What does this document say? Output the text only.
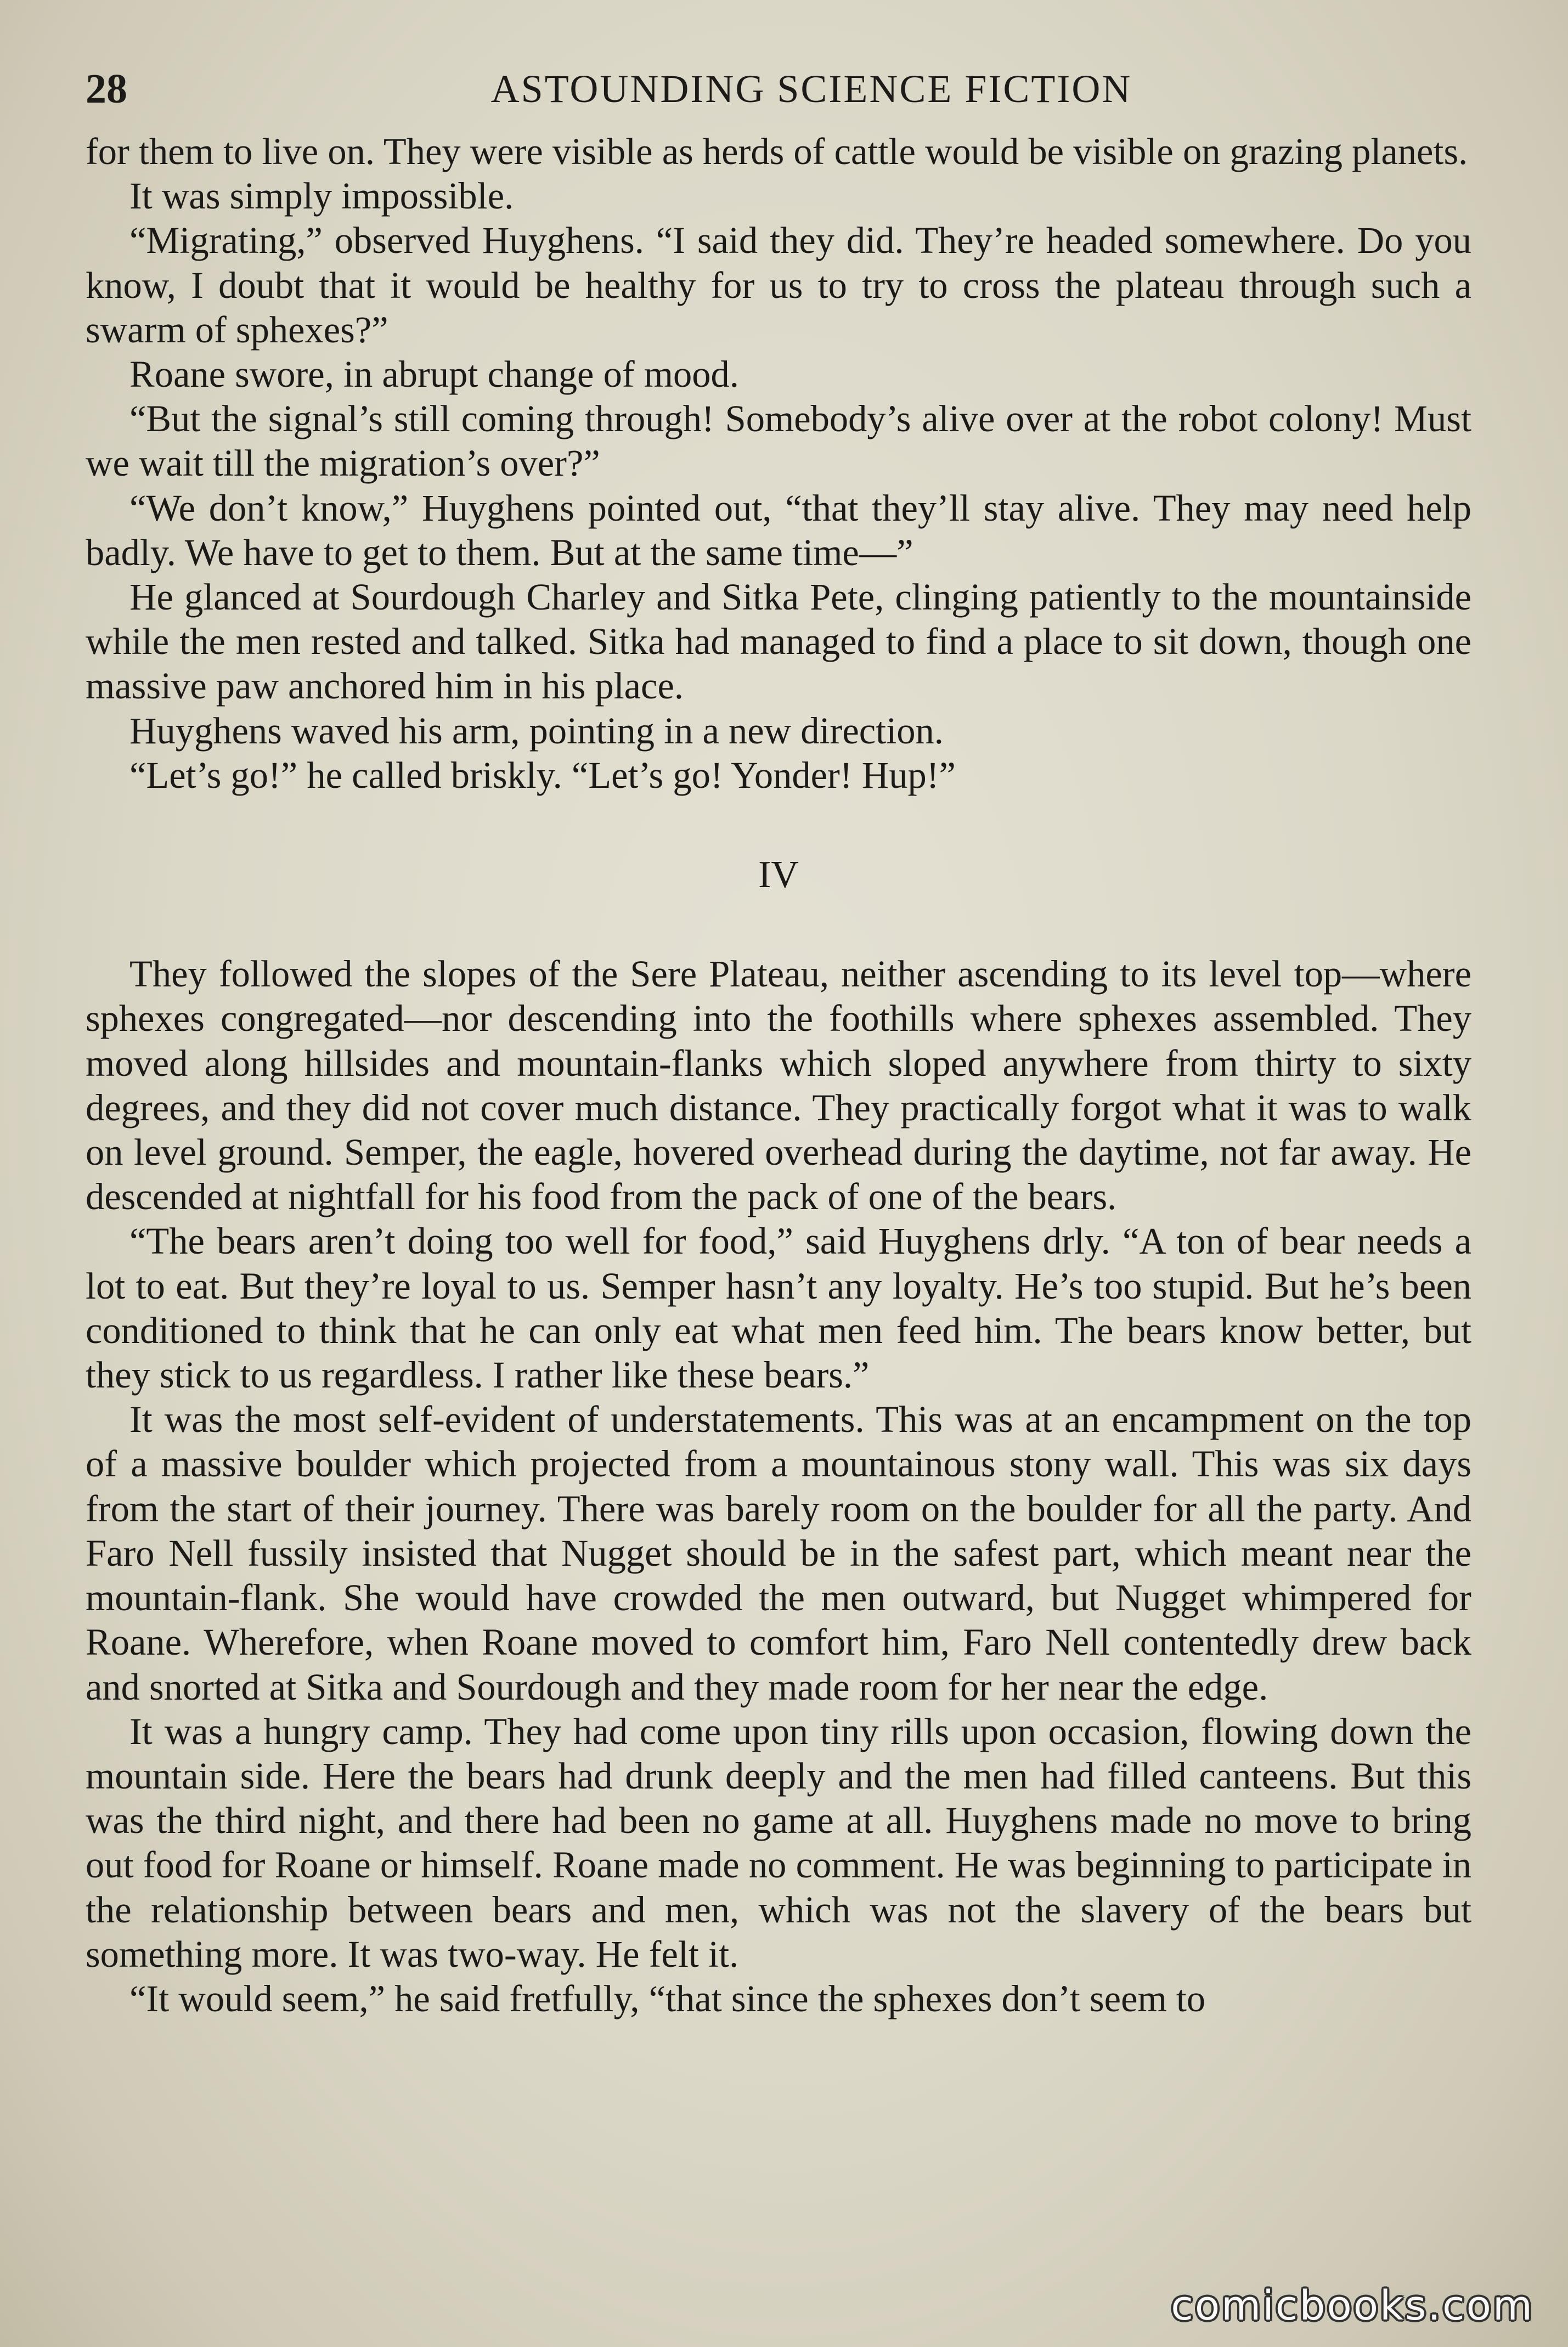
28	ASTOUNDING SCIENCE FICTION

for them to live on. They were visible as herds of cattle would be visible on grazing planets.

It was simply impossible.

“Migrating,” observed Huyghens. “I said they did. They’re headed somewhere. Do you know, I doubt that it would be healthy for us to try to cross the plateau through such a swarm of sphexes?”

Roane swore, in abrupt change of mood.

“But the signal’s still coming through! Somebody’s alive over at the robot colony! Must we wait till the migration’s over?”

“We don’t know,” Huyghens pointed out, “that they’ll stay alive. They may need help badly. We have to get to them. But at the same time—”

He glanced at Sourdough Charley and Sitka Pete, clinging patiently to the mountainside while the men rested and talked. Sitka had managed to find a place to sit down, though one massive paw anchored him in his place.

Huyghens waved his arm, pointing in a new direction.

“Let’s go!” he called briskly. “Let’s go! Yonder! Hup!”

IV

They followed the slopes of the Sere Plateau, neither ascending to its level top—where sphexes congregated—nor descending into the foothills where sphexes assembled. They moved along hillsides and mountain-flanks which sloped anywhere from thirty to sixty degrees, and they did not cover much distance. They practically forgot what it was to walk on level ground. Semper, the eagle, hovered overhead during the daytime, not far away. He descended at nightfall for his food from the pack of one of the bears.

“The bears aren’t doing too well for food,” said Huyghens drly. “A ton of bear needs a lot to eat. But they’re loyal to us. Semper hasn’t any loyalty. He’s too stupid. But he’s been conditioned to think that he can only eat what men feed him. The bears know better, but they stick to us regardless. I rather like these bears.”

It was the most self-evident of understatements. This was at an encampment on the top of a massive boulder which projected from a mountainous stony wall. This was six days from the start of their journey. There was barely room on the boulder for all the party. And Faro Nell fussily insisted that Nugget should be in the safest part, which meant near the mountain-flank. She would have crowded the men outward, but Nugget whimpered for Roane. Wherefore, when Roane moved to comfort him, Faro Nell contentedly drew back and snorted at Sitka and Sourdough and they made room for her near the edge.

It was a hungry camp. They had come upon tiny rills upon occasion, flowing down the mountain side. Here the bears had drunk deeply and the men had filled canteens. But this was the third night, and there had been no game at all. Huyghens made no move to bring out food for Roane or himself. Roane made no comment. He was beginning to participate in the relationship between bears and men, which was not the slavery of the bears but something more. It was two-way. He felt it.

“It would seem,” he said fretfully, “that since the sphexes don’t seem to

comicbooks.com
